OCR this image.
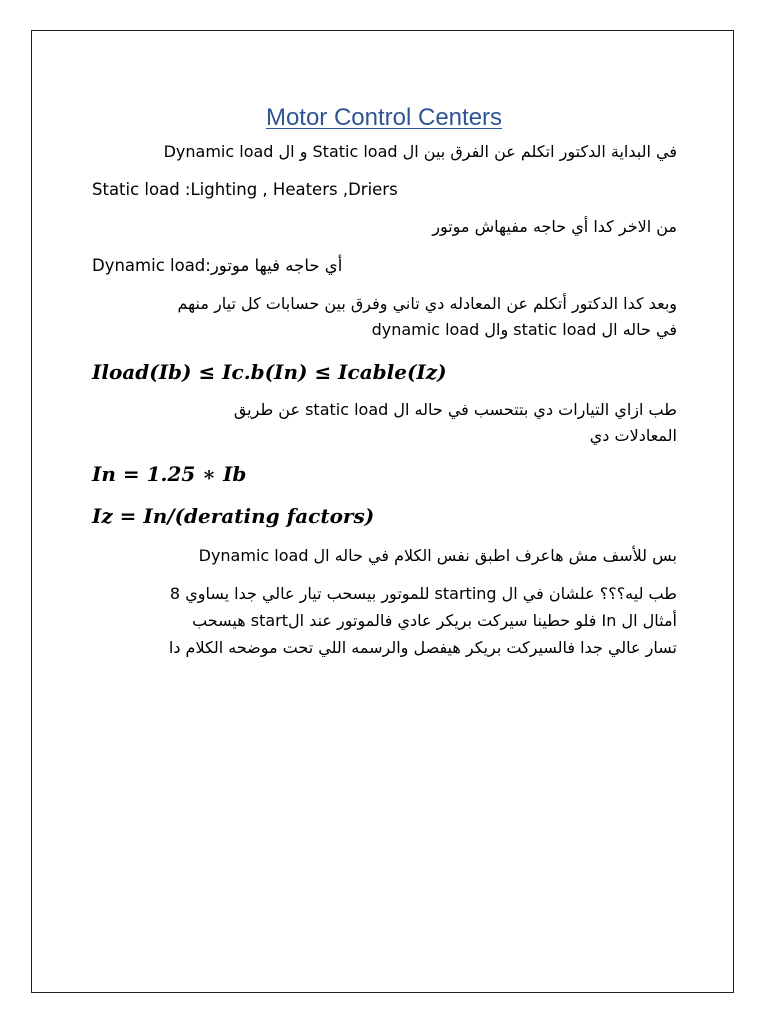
Motor Control Centers
في البداية الدكتور اتكلم عن الفرق بين ال Static load و ال Dynamic load
Static load :Lighting , Heaters ,Driers
من الاخر كدا أي حاجه مفيهاش موتور
Dynamic load:أي حاجه فيها موتور
وبعد كدا الدكتور أتكلم عن المعادله دي تاني وفرق بين حسابات كل تيار منهم
في حاله ال static load وال dynamic load
Iload(Ib) ≤ Ic.b(In) ≤ Icable(Iz)
طب ازاي التيارات دي بتتحسب في حاله ال static load عن طريق
المعادلات دي
In = 1.25 ∗ Ib
Iz = In/(derating factors)
بس للأسف مش هاعرف اطبق نفس الكلام في حاله ال Dynamic load
طب ليه؟؟؟ علشان في ال starting للموتور بيسحب تيار عالي جدا يساوي 8
أمثال ال In فلو حطينا سيركت بريكر عادي فالموتور عند الstart هيسحب
تسار عالي جدا فالسيركت بريكر هيفصل والرسمه اللي تحت موضحه الكلام دا
